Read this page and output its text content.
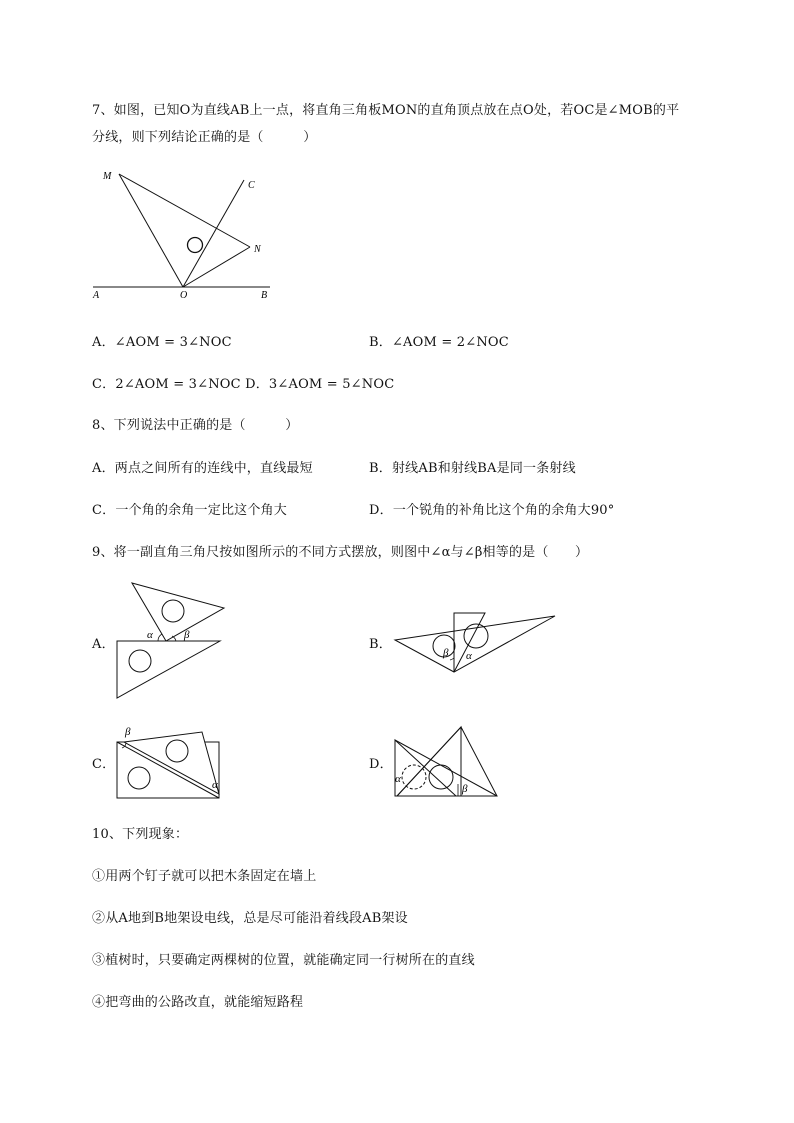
7、如图，已知O为直线AB上一点，将直角三角板MON的直角顶点放在点O处，若OC是∠MOB的平
分线，则下列结论正确的是（　　　）
M
C
N
A	O	B
A．∠AOM = 3∠NOC	B．∠AOM = 2∠NOC
C．2∠AOM = 3∠NOC D．3∠AOM = 5∠NOC
8、下列说法中正确的是（　　　）
A．两点之间所有的连线中，直线最短	B．射线AB和射线BA是同一条射线
C．一个角的余角一定比这个角大	D．一个锐角的补角比这个角的余角大90°
9、将一副直角三角尺按如图所示的不同方式摆放，则图中∠α与∠β相等的是（　　）
A．
α	β
B．
β α
C．
β
α
D．
α
β
10、下列现象：
①用两个钉子就可以把木条固定在墙上
②从A地到B地架设电线，总是尽可能沿着线段AB架设
③植树时，只要确定两棵树的位置，就能确定同一行树所在的直线
④把弯曲的公路改直，就能缩短路程
